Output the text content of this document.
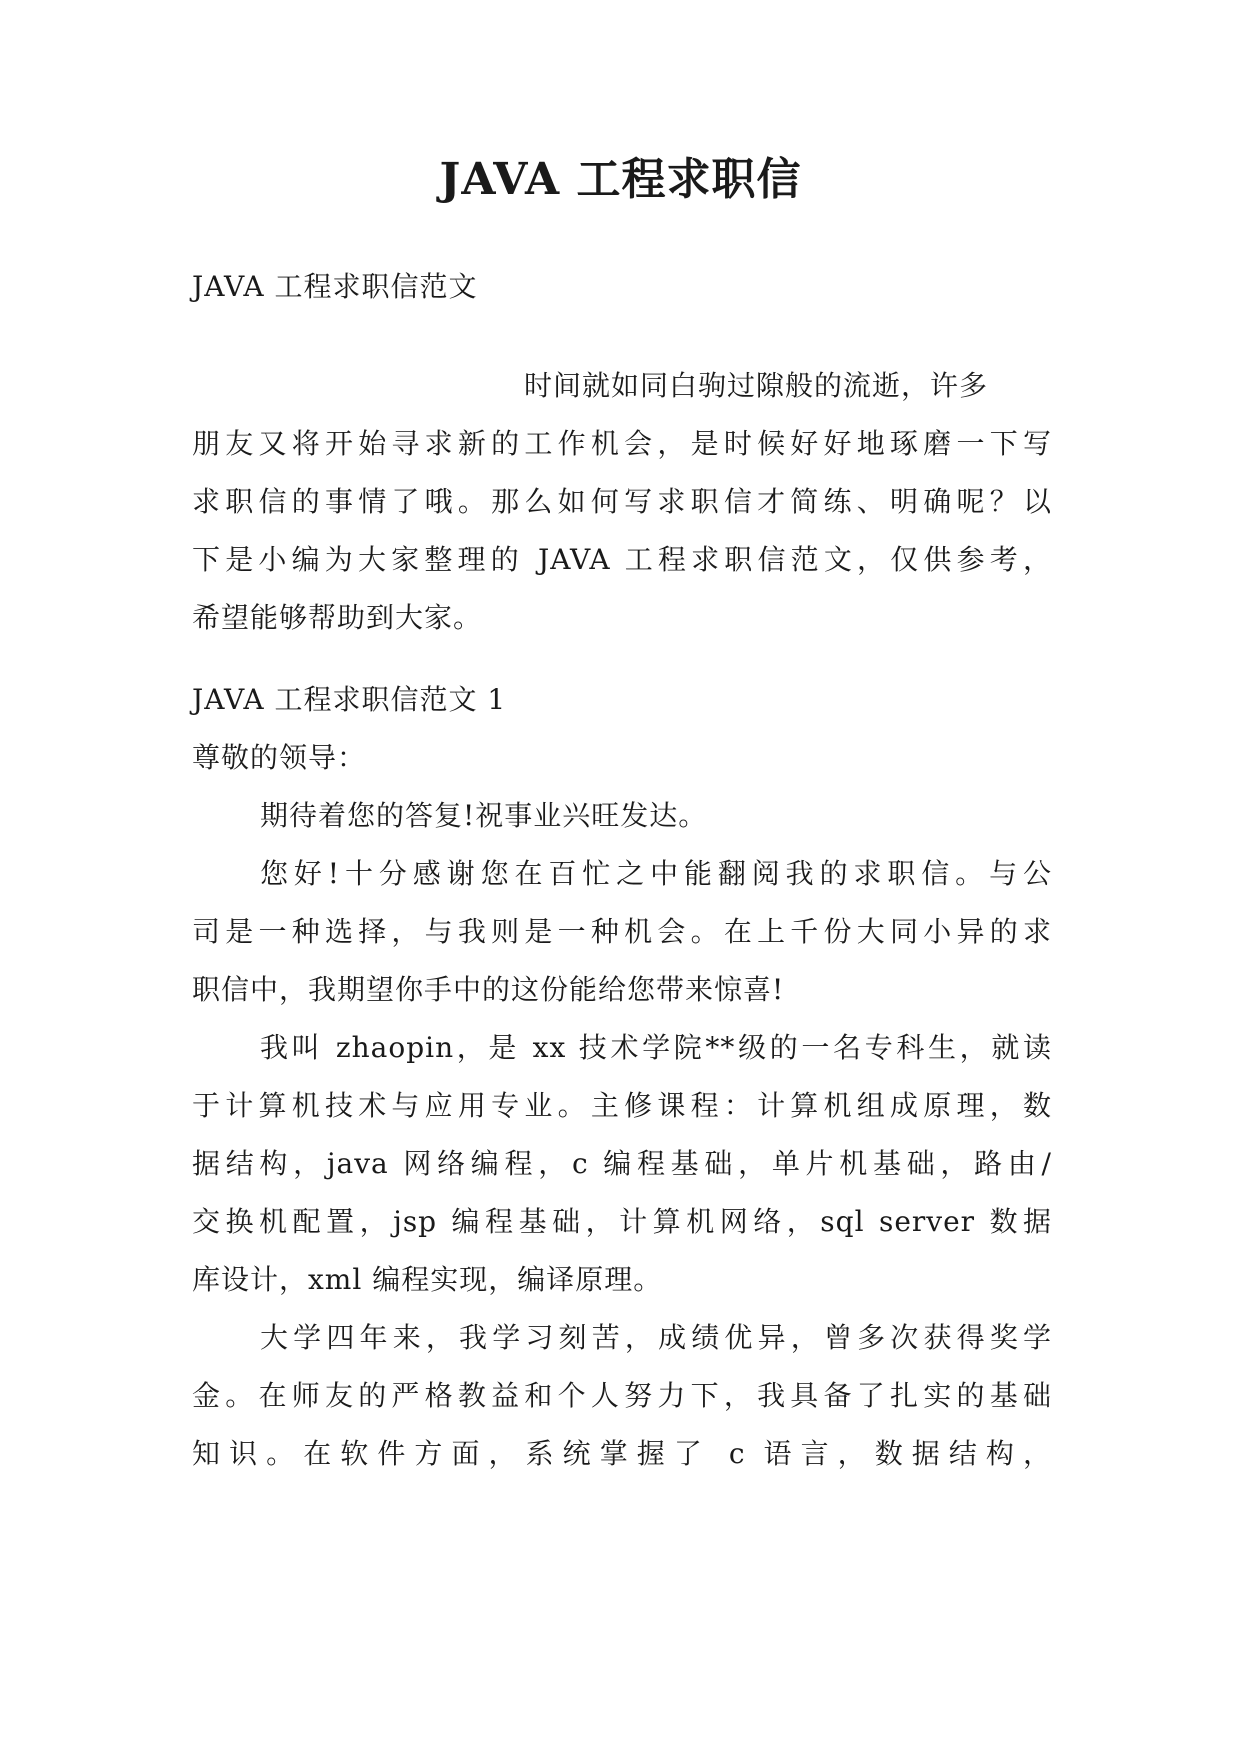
JAVA 工程求职信
JAVA 工程求职信范文
时间就如同白驹过隙般的流逝，许多
朋友又将开始寻求新的工作机会，是时候好好地琢磨一下写
求职信的事情了哦。那么如何写求职信才简练、明确呢？以
下是小编为大家整理的 JAVA 工程求职信范文，仅供参考，
希望能够帮助到大家。
JAVA 工程求职信范文 1
尊敬的领导：
期待着您的答复!祝事业兴旺发达。
您好!十分感谢您在百忙之中能翻阅我的求职信。与公
司是一种选择，与我则是一种机会。在上千份大同小异的求
职信中，我期望你手中的这份能给您带来惊喜!
我叫 zhaopin，是 xx 技术学院**级的一名专科生，就读
于计算机技术与应用专业。主修课程：计算机组成原理，数
据结构，java 网络编程，c 编程基础，单片机基础，路由/
交换机配置，jsp 编程基础，计算机网络，sql server 数据
库设计，xml 编程实现，编译原理。
大学四年来，我学习刻苦，成绩优异，曾多次获得奖学
金。在师友的严格教益和个人努力下，我具备了扎实的基础
知识。在软件方面，系统掌握了 c 语言，数据结构，
